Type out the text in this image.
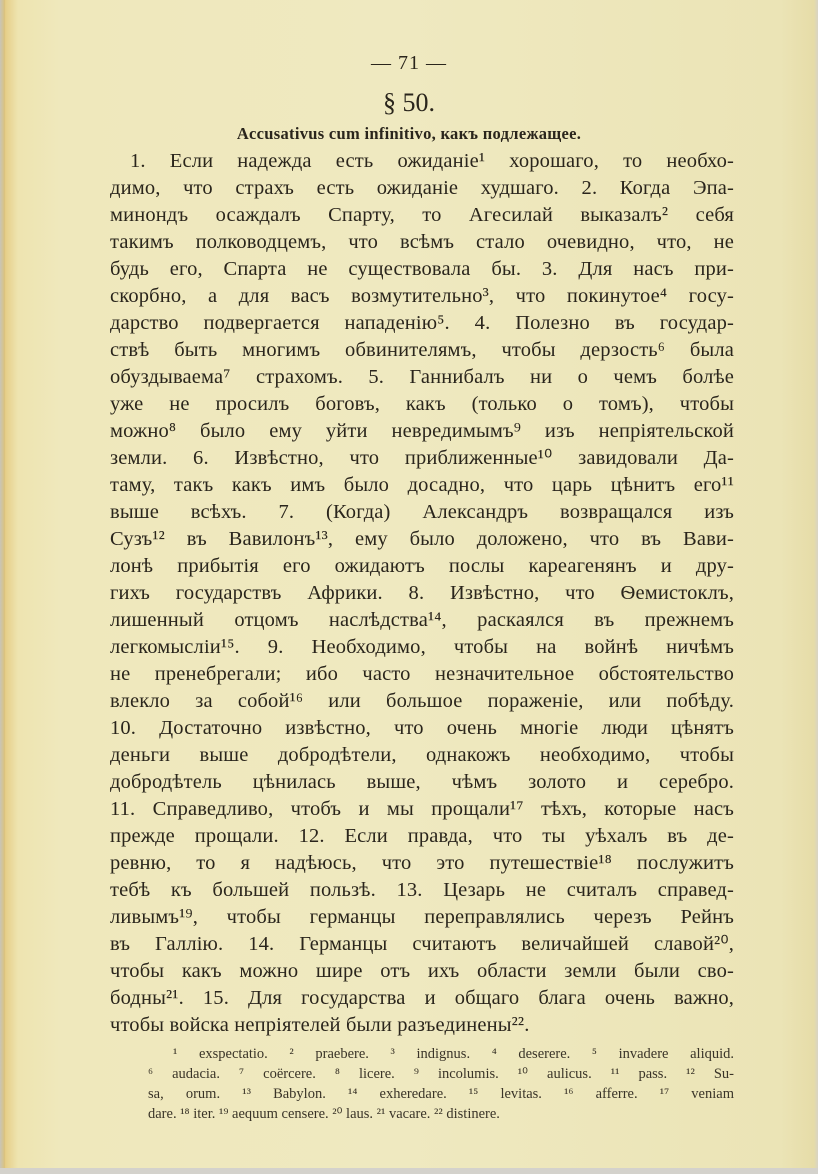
— 71 —
§ 50.
Accusativus cum infinitivo, какъ подлежащее.
1. Если надежда есть ожиданіе¹ хорошаго, то необхо-
димо, что страхъ есть ожиданіе худшаго. 2. Когда Эпа-
минондъ осаждалъ Спарту, то Агесилай выказалъ² себя
такимъ полководцемъ, что всѣмъ стало очевидно, что, не
будь его, Спарта не существовала бы. 3. Для насъ при-
скорбно, а для васъ возмутительно³, что покинутое⁴ госу-
дарство подвергается нападенію⁵. 4. Полезно въ государ-
ствѣ быть многимъ обвинителямъ, чтобы дерзость⁶ была
обуздываема⁷ страхомъ. 5. Ганнибалъ ни о чемъ болѣе
уже не просилъ боговъ, какъ (только о томъ), чтобы
можно⁸ было ему уйти невредимымъ⁹ изъ непріятельской
земли. 6. Извѣстно, что приближенные¹⁰ завидовали Да-
таму, такъ какъ имъ было досадно, что царь цѣнитъ его¹¹
выше всѣхъ. 7. (Когда) Александръ возвращался изъ
Сузъ¹² въ Вавилонъ¹³, ему было доложено, что въ Вави-
лонѣ прибытія его ожидаютъ послы кареагенянъ и дру-
гихъ государствъ Африки. 8. Извѣстно, что Ѳемистоклъ,
лишенный отцомъ наслѣдства¹⁴, раскаялся въ прежнемъ
легкомысліи¹⁵. 9. Необходимо, чтобы на войнѣ ничѣмъ
не пренебрегали; ибо часто незначительное обстоятельство
влекло за собой¹⁶ или большое пораженіе, или побѣду.
10. Достаточно извѣстно, что очень многіе люди цѣнятъ
деньги выше добродѣтели, однакожъ необходимо, чтобы
добродѣтель цѣнилась выше, чѣмъ золото и серебро.
11. Справедливо, чтобъ и мы прощали¹⁷ тѣхъ, которые насъ
прежде прощали. 12. Если правда, что ты уѣхалъ въ де-
ревню, то я надѣюсь, что это путешествіе¹⁸ послужитъ
тебѣ къ большей пользѣ. 13. Цезарь не считалъ справед-
ливымъ¹⁹, чтобы германцы переправлялись черезъ Рейнъ
въ Галлію. 14. Германцы считаютъ величайшей славой²⁰,
чтобы какъ можно шире отъ ихъ области земли были сво-
бодны²¹. 15. Для государства и общаго блага очень важно,
чтобы войска непріятелей были разъединены²².
¹ exspectatio. ² praebere. ³ indignus. ⁴ deserere. ⁵ invadere aliquid.
⁶ audacia. ⁷ coërcere. ⁸ licere. ⁹ incolumis. ¹⁰ aulicus. ¹¹ pass. ¹² Su-
sa, orum. ¹³ Babylon. ¹⁴ exheredare. ¹⁵ levitas. ¹⁶ afferre. ¹⁷ veniam
dare. ¹⁸ iter. ¹⁹ aequum censere. ²⁰ laus. ²¹ vacare. ²² distinere.
